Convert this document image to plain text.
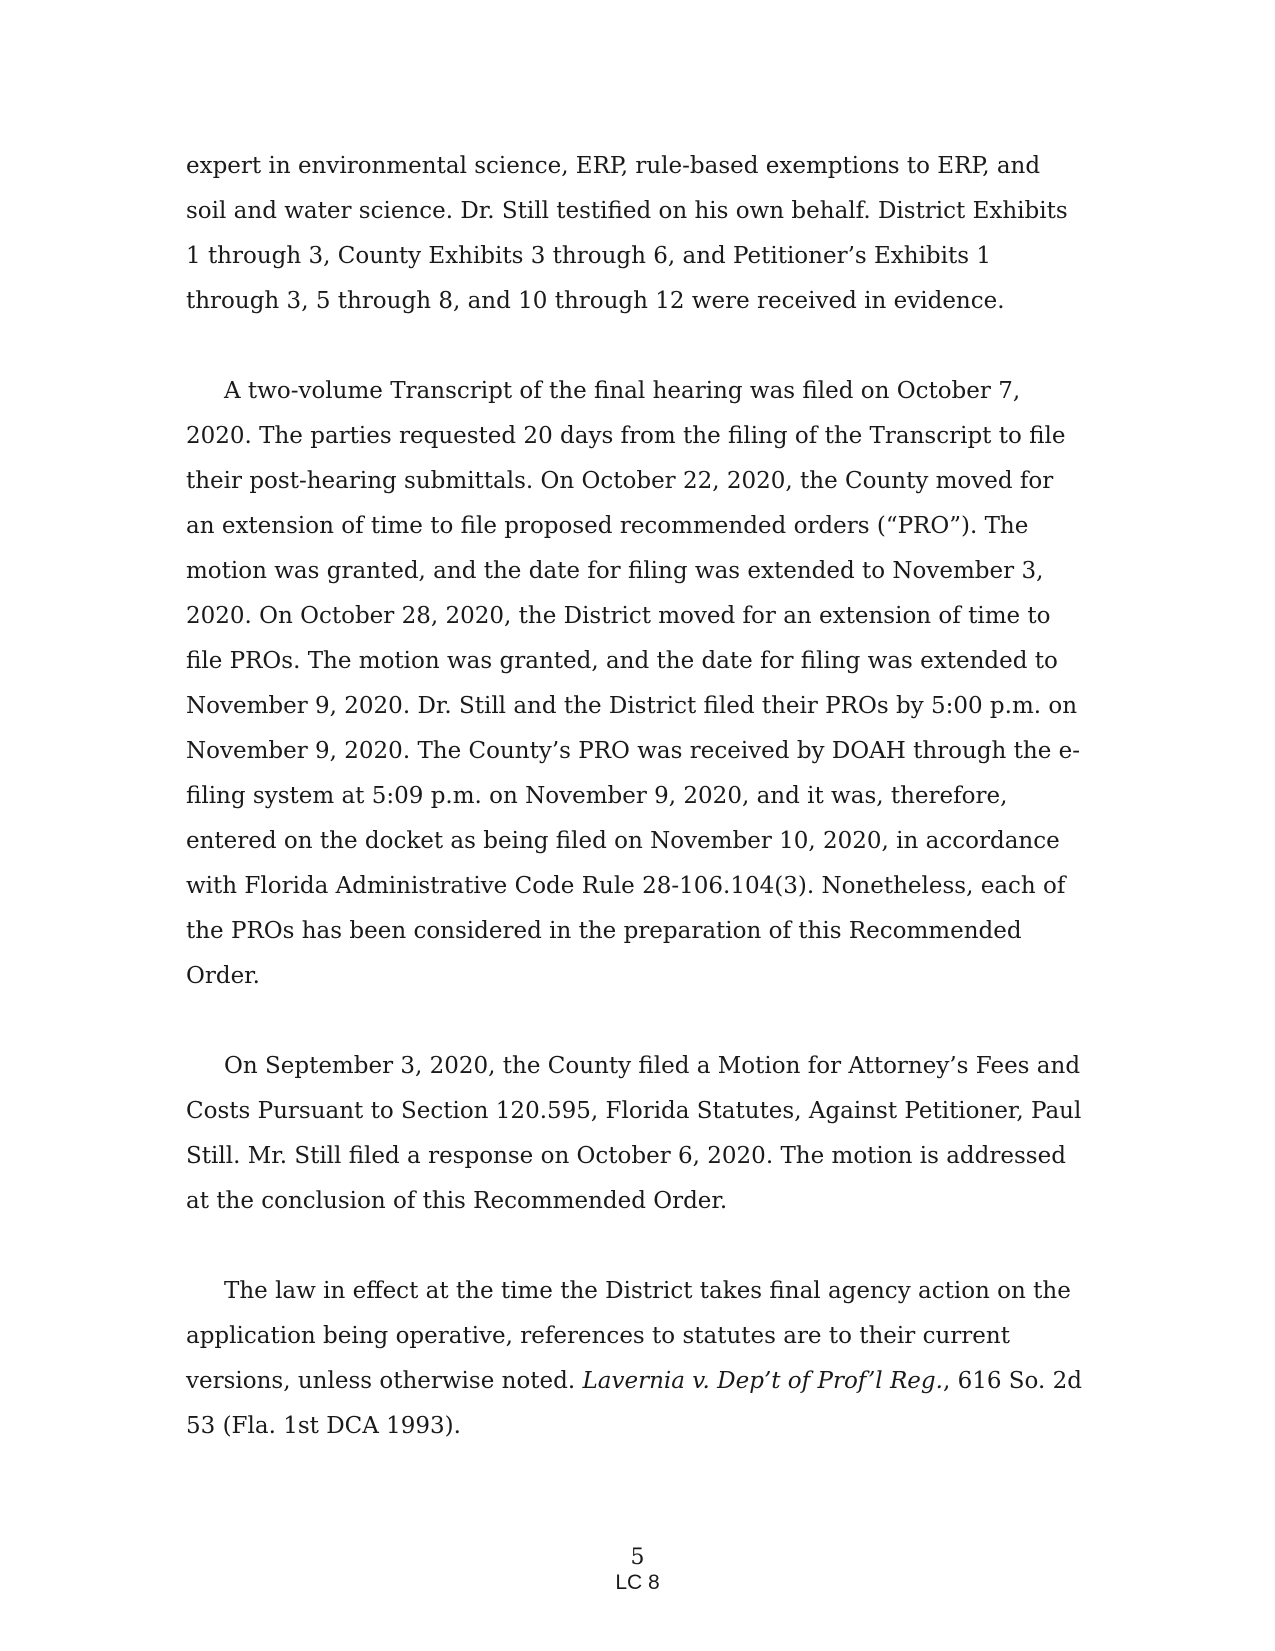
expert in environmental science, ERP, rule-based exemptions to ERP, and soil and water science. Dr. Still testified on his own behalf. District Exhibits 1 through 3, County Exhibits 3 through 6, and Petitioner’s Exhibits 1 through 3, 5 through 8, and 10 through 12 were received in evidence.

A two-volume Transcript of the final hearing was filed on October 7, 2020. The parties requested 20 days from the filing of the Transcript to file their post-hearing submittals. On October 22, 2020, the County moved for an extension of time to file proposed recommended orders (“PRO”). The motion was granted, and the date for filing was extended to November 3, 2020. On October 28, 2020, the District moved for an extension of time to file PROs. The motion was granted, and the date for filing was extended to November 9, 2020. Dr. Still and the District filed their PROs by 5:00 p.m. on November 9, 2020. The County’s PRO was received by DOAH through the e-filing system at 5:09 p.m. on November 9, 2020, and it was, therefore, entered on the docket as being filed on November 10, 2020, in accordance with Florida Administrative Code Rule 28-106.104(3). Nonetheless, each of the PROs has been considered in the preparation of this Recommended Order.

On September 3, 2020, the County filed a Motion for Attorney’s Fees and Costs Pursuant to Section 120.595, Florida Statutes, Against Petitioner, Paul Still. Mr. Still filed a response on October 6, 2020. The motion is addressed at the conclusion of this Recommended Order.

The law in effect at the time the District takes final agency action on the application being operative, references to statutes are to their current versions, unless otherwise noted. Lavernia v. Dep’t of Prof’l Reg., 616 So. 2d 53 (Fla. 1st DCA 1993).

5
LC 8
